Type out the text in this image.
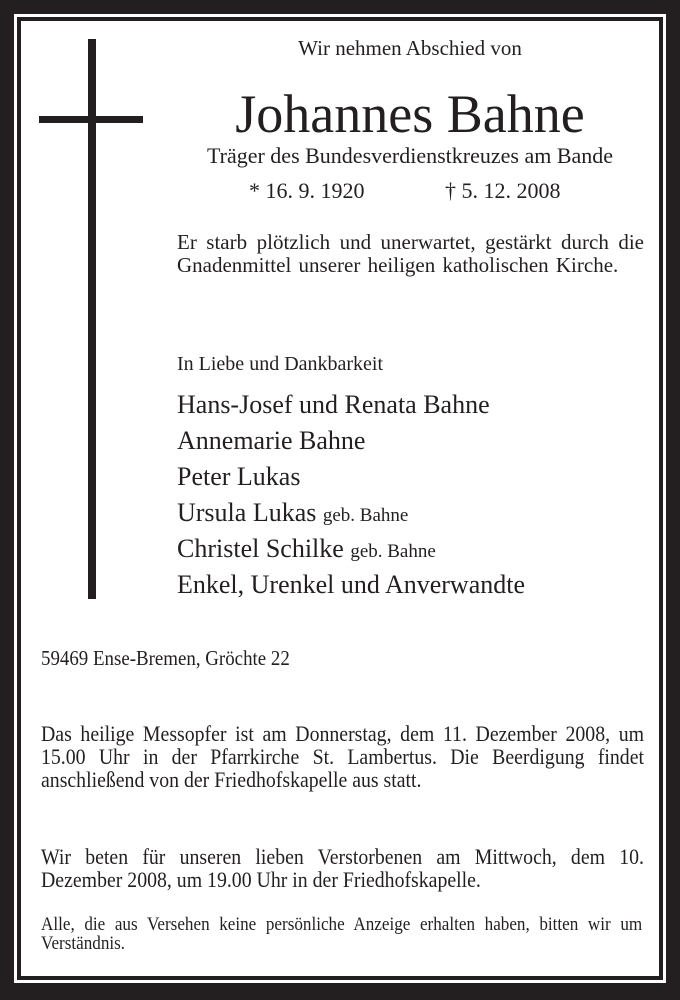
Wir nehmen Abschied von
Johannes Bahne
Träger des Bundesverdienstkreuzes am Bande
* 16. 9. 1920	† 5. 12. 2008
Er starb plötzlich und unerwartet, gestärkt durch die Gnadenmittel unserer heiligen katholischen Kirche.
In Liebe und Dankbarkeit
Hans-Josef und Renata Bahne
Annemarie Bahne
Peter Lukas
Ursula Lukas geb. Bahne
Christel Schilke geb. Bahne
Enkel, Urenkel und Anverwandte
59469 Ense-Bremen, Gröchte 22
Das heilige Messopfer ist am Donnerstag, dem 11. Dezember 2008, um 15.00 Uhr in der Pfarrkirche St. Lambertus. Die Beerdigung findet anschließend von der Friedhofskapelle aus statt.
Wir beten für unseren lieben Verstorbenen am Mittwoch, dem 10. Dezember 2008, um 19.00 Uhr in der Friedhofskapelle.
Alle, die aus Versehen keine persönliche Anzeige erhalten haben, bitten wir um Verständnis.
